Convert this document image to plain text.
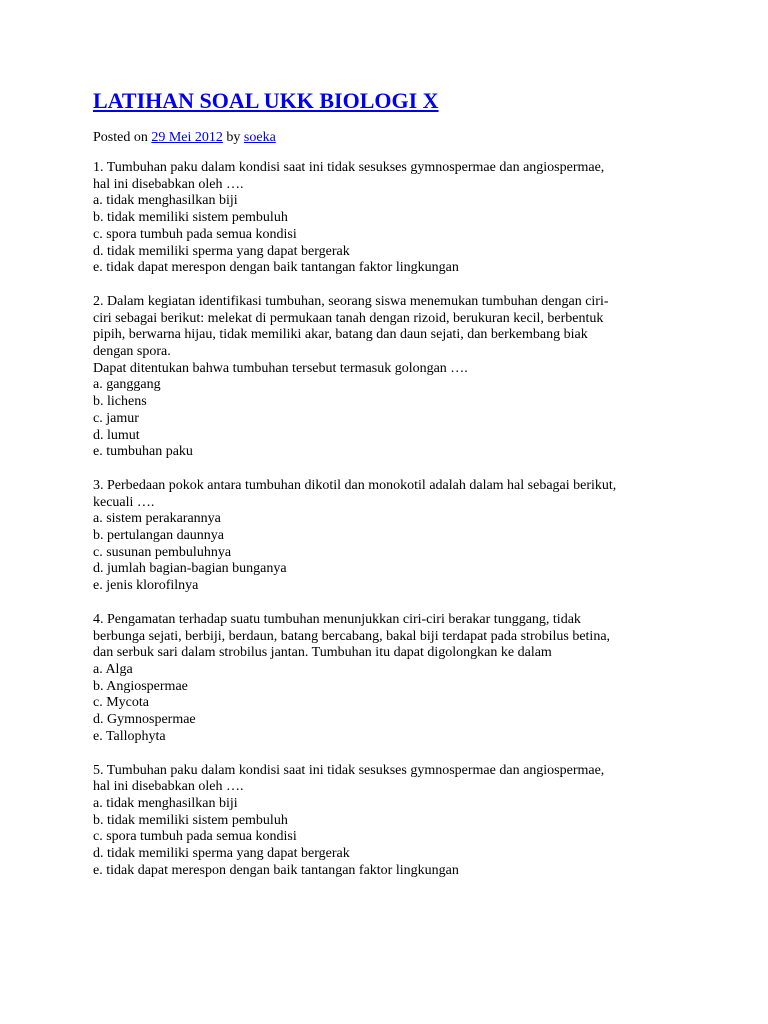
LATIHAN SOAL UKK BIOLOGI X
Posted on 29 Mei 2012 by soeka
1. Tumbuhan paku dalam kondisi saat ini tidak sesukses gymnospermae dan angiospermae,
hal ini disebabkan oleh ….
a. tidak menghasilkan biji
b. tidak memiliki sistem pembuluh
c. spora tumbuh pada semua kondisi
d. tidak memiliki sperma yang dapat bergerak
e. tidak dapat merespon dengan baik tantangan faktor lingkungan
2. Dalam kegiatan identifikasi tumbuhan, seorang siswa menemukan tumbuhan dengan ciri-
ciri sebagai berikut: melekat di permukaan tanah dengan rizoid, berukuran kecil, berbentuk
pipih, berwarna hijau, tidak memiliki akar, batang dan daun sejati, dan berkembang biak
dengan spora.
Dapat ditentukan bahwa tumbuhan tersebut termasuk golongan ….
a. ganggang
b. lichens
c. jamur
d. lumut
e. tumbuhan paku
3. Perbedaan pokok antara tumbuhan dikotil dan monokotil adalah dalam hal sebagai berikut,
kecuali ….
a. sistem perakarannya
b. pertulangan daunnya
c. susunan pembuluhnya
d. jumlah bagian-bagian bunganya
e. jenis klorofilnya
4. Pengamatan terhadap suatu tumbuhan menunjukkan ciri-ciri berakar tunggang, tidak
berbunga sejati, berbiji, berdaun, batang bercabang, bakal biji terdapat pada strobilus betina,
dan serbuk sari dalam strobilus jantan. Tumbuhan itu dapat digolongkan ke dalam
a. Alga
b. Angiospermae
c. Mycota
d. Gymnospermae
e. Tallophyta
5. Tumbuhan paku dalam kondisi saat ini tidak sesukses gymnospermae dan angiospermae,
hal ini disebabkan oleh ….
a. tidak menghasilkan biji
b. tidak memiliki sistem pembuluh
c. spora tumbuh pada semua kondisi
d. tidak memiliki sperma yang dapat bergerak
e. tidak dapat merespon dengan baik tantangan faktor lingkungan
